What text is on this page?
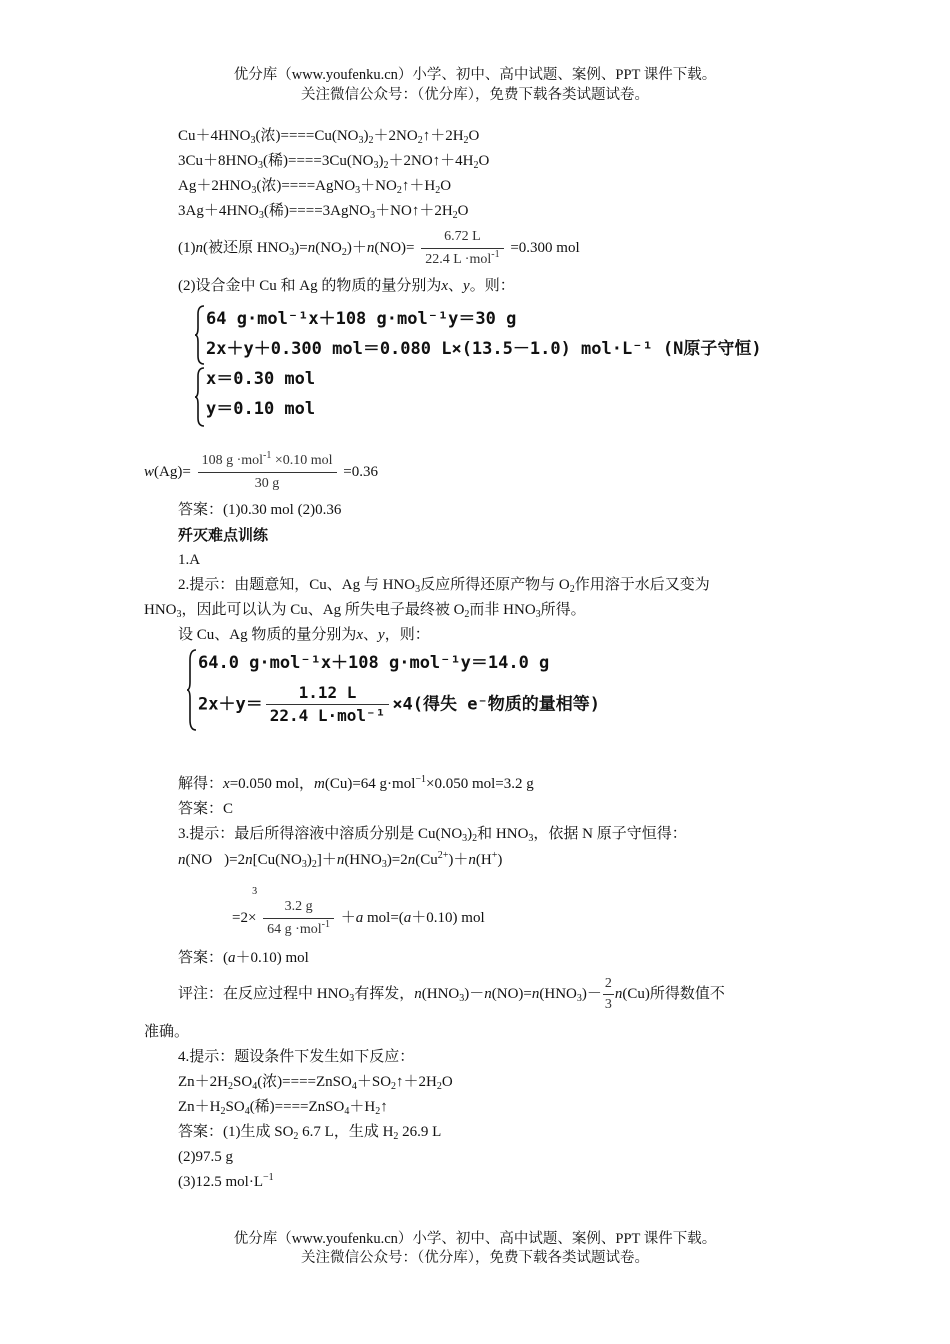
优分库（www.youfenku.cn）小学、初中、高中试题、案例、PPT 课件下载。
关注微信公众号：（优分库），免费下载各类试题试卷。
$Cu+4HNO_3$(浓)$====Cu(NO_3)_2+2NO_2↑+2H_2O$
$3Cu+8HNO_3$(稀)$====3Cu(NO_3)_2+2NO↑+4H_2O$
$Ag+2HNO_3$(浓)$====AgNO_3+NO_2↑+H_2O$
$3Ag+4HNO_3$(稀)$====3AgNO_3+NO↑+2H_2O$
(1)n(被还原 $HNO_3)=n(NO_2)+n(NO)= \frac{6.72 L}{22.4 L \cdot mol^{-1}} =0.300$ mol
(2)设合金中 Cu 和 Ag 的物质的量分别为x、y。则：
64 g·mol⁻¹x＋108 g·mol⁻¹y＝30 g
2x＋y＋0.300 mol＝0.080 L×(13.5－1.0) mol·L⁻¹ (N原子守恒)
x＝0.30 mol
y＝0.10 mol
$w(Ag)= \frac{108 g \cdot mol^{-1} \times 0.10 mol}{30 g} =0.36$
答案：(1)0.30 mol (2)0.36
歼灭难点训练
1.A
2.提示：由题意知，Cu、Ag 与 $HNO_3$反应所得还原产物与 $O_2$作用溶于水后又变为
$HNO_3$，因此可以认为 Cu、Ag 所失电子最终被 $O_2$而非 $HNO_3$所得。
设 Cu、Ag 物质的量分别为x、y，则：
64.0 g·mol⁻¹x＋108 g·mol⁻¹y＝14.0 g
$2x+y= \frac{1.12 L}{\text{22.4 L·mol⁻¹}} \times 4$(得失 e⁻物质的量相等)
解得：x=0.050 mol，m(Cu)=64 g·mol$^{-1}$×0.050 mol=3.2 g
答案：C
3.提示：最后所得溶液中溶质分别是 $Cu(NO_3)_2$和 $HNO_3$，依据 N 原子守恒得：
n(NO
3
)$=2n[Cu(NO_3)_2]+n(HNO_3)=2n(Cu^{2+})+n(H^+)$
$=2\times \frac{3.2 g}{64 g \cdot mol^{-1}} +a$ mol=(a＋0.10) mol
答案：(a＋0.10) mol
评注：在反应过程中 $HNO_3$有挥发，$n(HNO_3)-n(NO)=n(HNO_3)- \frac{2}{3} n(Cu)$所得数值不
准确。
4.提示：题设条件下发生如下反应：
$Zn+2H_2SO_4$(浓)$====ZnSO_4+SO_2↑+2H_2O$
$Zn+H_2SO_4$(稀)$====ZnSO_4+H_2↑$
答案：(1)生成 $SO_2$ 6.7 L，生成 $H_2$ 26.9 L
(2)97.5 g
(3)12.5 $mol\cdot L^{-1}$
优分库（www.youfenku.cn）小学、初中、高中试题、案例、PPT 课件下载。
关注微信公众号：（优分库），免费下载各类试题试卷。
